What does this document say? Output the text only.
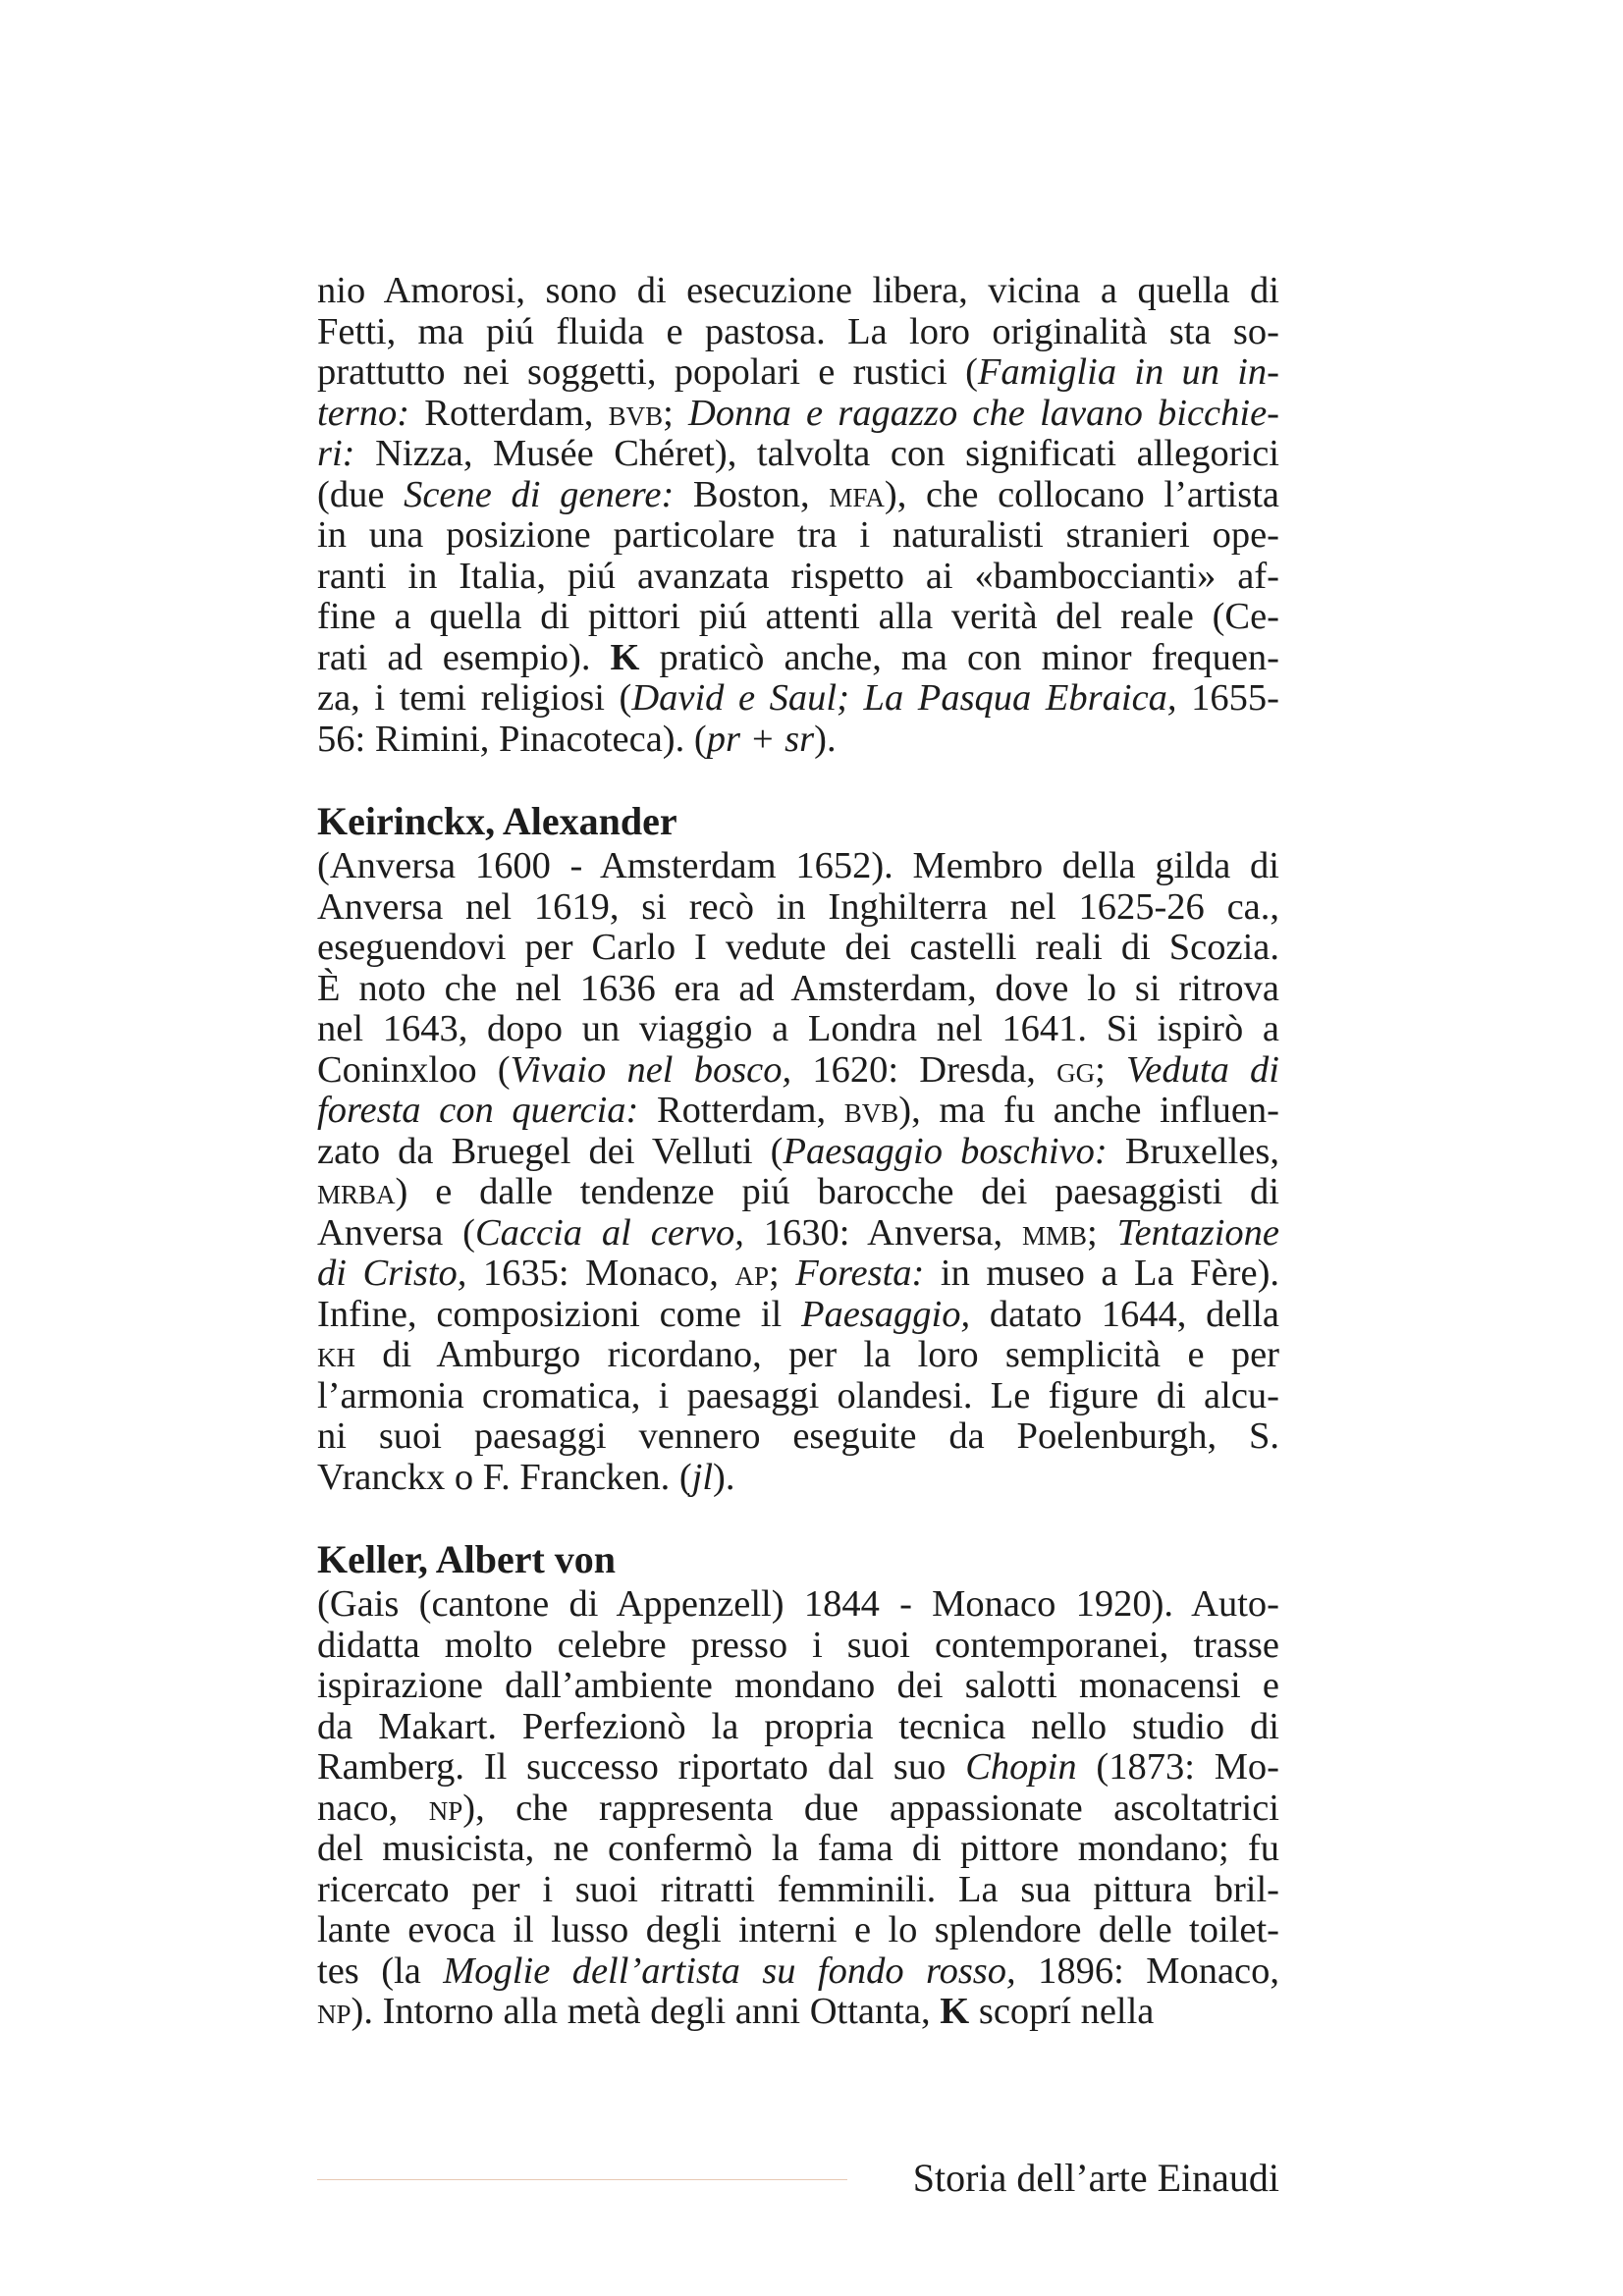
nio Amorosi, sono di esecuzione libera, vicina a quella di
Fetti, ma piú fluida e pastosa. La loro originalità sta so-
prattutto nei soggetti, popolari e rustici (Famiglia in un in-
terno: Rotterdam, bvb; Donna e ragazzo che lavano bicchie-
ri: Nizza, Musée Chéret), talvolta con significati allegorici
(due Scene di genere: Boston, mfa), che collocano l’artista
in una posizione particolare tra i naturalisti stranieri ope-
ranti in Italia, piú avanzata rispetto ai «bamboccianti» af-
fine a quella di pittori piú attenti alla verità del reale (Ce-
rati ad esempio). K praticò anche, ma con minor frequen-
za, i temi religiosi (David e Saul; La Pasqua Ebraica, 1655-
56: Rimini, Pinacoteca). (pr + sr).
Keirinckx, Alexander
(Anversa 1600 - Amsterdam 1652). Membro della gilda di
Anversa nel 1619, si recò in Inghilterra nel 1625-26 ca.,
eseguendovi per Carlo I vedute dei castelli reali di Scozia.
È noto che nel 1636 era ad Amsterdam, dove lo si ritrova
nel 1643, dopo un viaggio a Londra nel 1641. Si ispirò a
Coninxloo (Vivaio nel bosco, 1620: Dresda, gg; Veduta di
foresta con quercia: Rotterdam, bvb), ma fu anche influen-
zato da Bruegel dei Velluti (Paesaggio boschivo: Bruxelles,
mrba) e dalle tendenze piú barocche dei paesaggisti di
Anversa (Caccia al cervo, 1630: Anversa, mmb; Tentazione
di Cristo, 1635: Monaco, ap; Foresta: in museo a La Fère).
Infine, composizioni come il Paesaggio, datato 1644, della
kh di Amburgo ricordano, per la loro semplicità e per
l’armonia cromatica, i paesaggi olandesi. Le figure di alcu-
ni suoi paesaggi vennero eseguite da Poelenburgh, S.
Vranckx o F. Francken. (jl).
Keller, Albert von
(Gais (cantone di Appenzell) 1844 - Monaco 1920). Auto-
didatta molto celebre presso i suoi contemporanei, trasse
ispirazione dall’ambiente mondano dei salotti monacensi e
da Makart. Perfezionò la propria tecnica nello studio di
Ramberg. Il successo riportato dal suo Chopin (1873: Mo-
naco, np), che rappresenta due appassionate ascoltatrici
del musicista, ne confermò la fama di pittore mondano; fu
ricercato per i suoi ritratti femminili. La sua pittura bril-
lante evoca il lusso degli interni e lo splendore delle toilet-
tes (la Moglie dell’artista su fondo rosso, 1896: Monaco,
np). Intorno alla metà degli anni Ottanta, K scoprí nella
Storia dell’arte Einaudi
